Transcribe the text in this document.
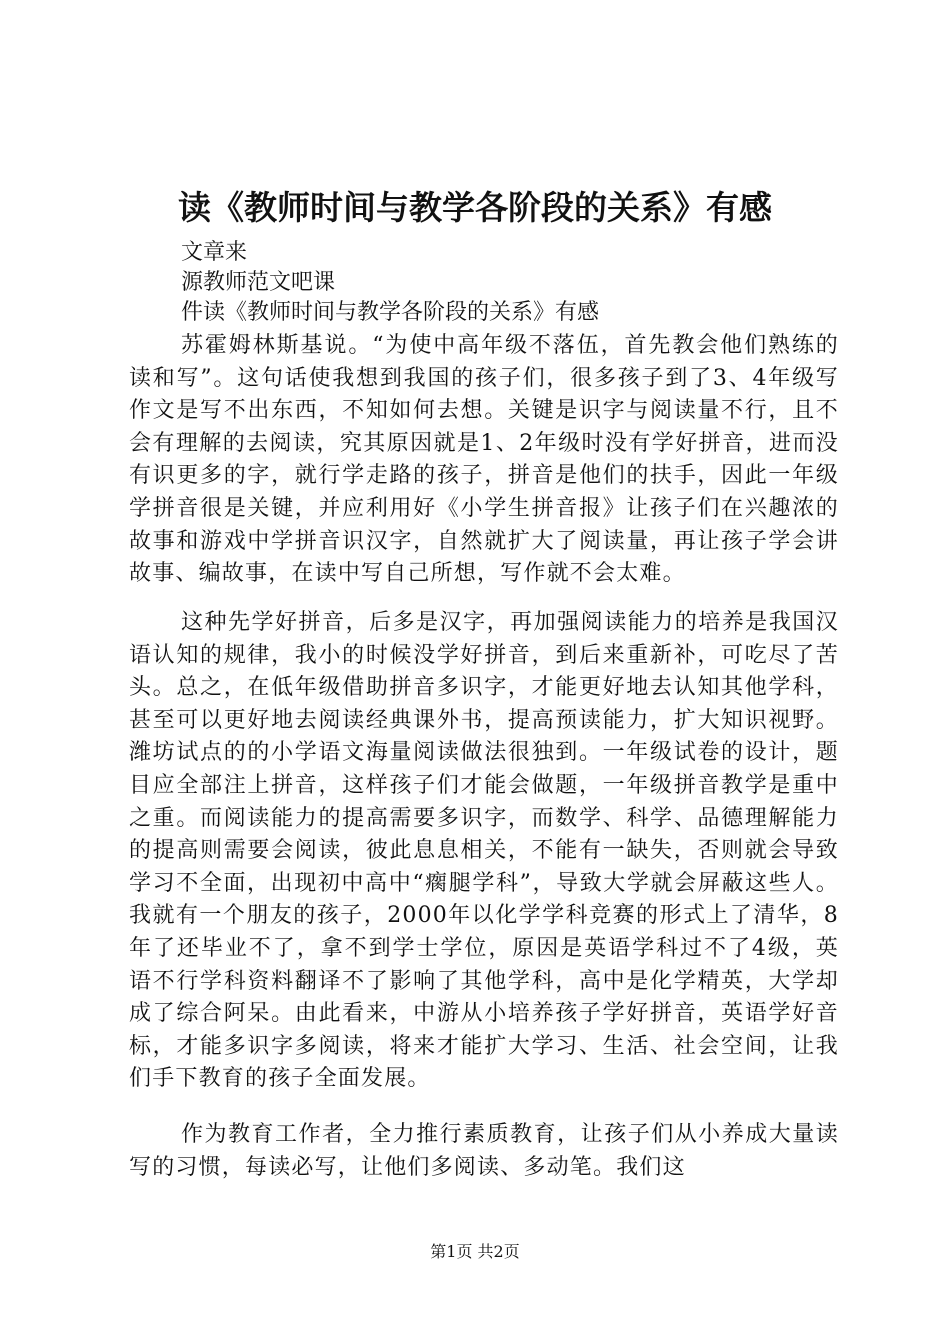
读《教师时间与教学各阶段的关系》有感
文章来
源教师范文吧课
件读《教师时间与教学各阶段的关系》有感
苏霍姆林斯基说。“为使中高年级不落伍，首先教会他们熟练的读和写”。这句话使我想到我国的孩子们，很多孩子到了3、4年级写作文是写不出东西，不知如何去想。关键是识字与阅读量不行，且不会有理解的去阅读，究其原因就是1、2年级时没有学好拼音，进而没有识更多的字，就行学走路的孩子，拼音是他们的扶手，因此一年级学拼音很是关键，并应利用好《小学生拼音报》让孩子们在兴趣浓的故事和游戏中学拼音识汉字，自然就扩大了阅读量，再让孩子学会讲故事、编故事，在读中写自己所想，写作就不会太难。
这种先学好拼音，后多是汉字，再加强阅读能力的培养是我国汉语认知的规律，我小的时候没学好拼音，到后来重新补，可吃尽了苦头。总之，在低年级借助拼音多识字，才能更好地去认知其他学科，甚至可以更好地去阅读经典课外书，提高预读能力，扩大知识视野。潍坊试点的的小学语文海量阅读做法很独到。一年级试卷的设计，题目应全部注上拼音，这样孩子们才能会做题，一年级拼音教学是重中之重。而阅读能力的提高需要多识字，而数学、科学、品德理解能力的提高则需要会阅读，彼此息息相关，不能有一缺失，否则就会导致学习不全面，出现初中高中“瘸腿学科”，导致大学就会屏蔽这些人。我就有一个朋友的孩子，2000年以化学学科竞赛的形式上了清华，8年了还毕业不了，拿不到学士学位，原因是英语学科过不了4级，英语不行学科资料翻译不了影响了其他学科，高中是化学精英，大学却成了综合阿呆。由此看来，中游从小培养孩子学好拼音，英语学好音标，才能多识字多阅读，将来才能扩大学习、生活、社会空间，让我们手下教育的孩子全面发展。
作为教育工作者，全力推行素质教育，让孩子们从小养成大量读写的习惯，每读必写，让他们多阅读、多动笔。我们这
第1页 共2页
